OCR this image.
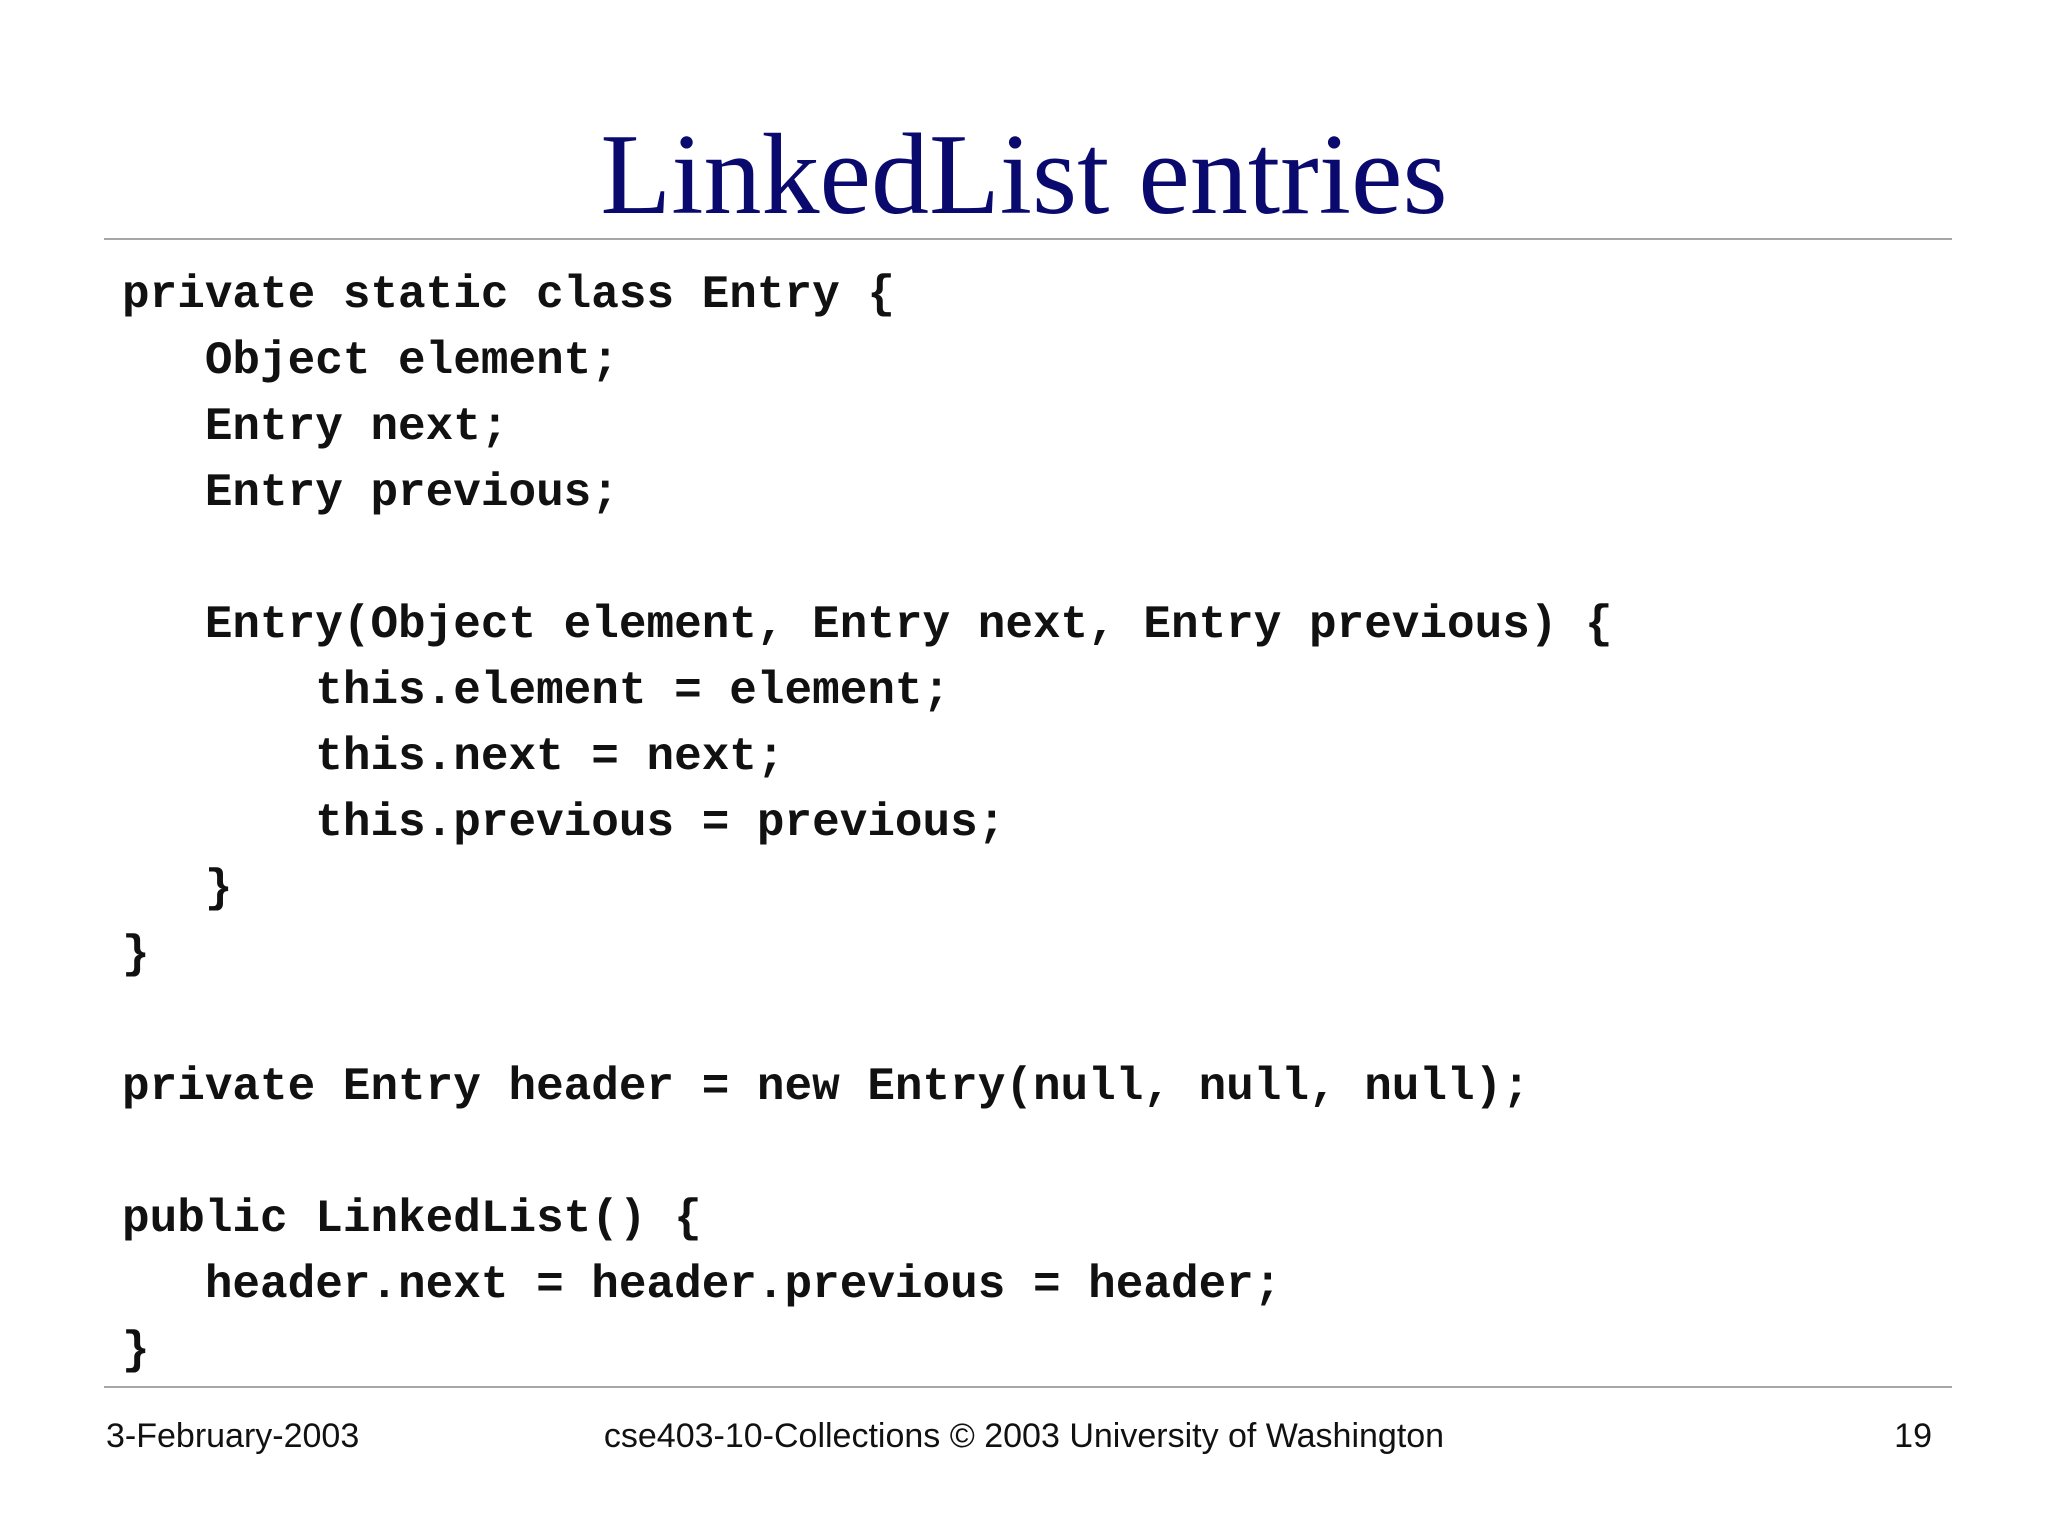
LinkedList entries
private static class Entry {
Object element;
Entry next;
Entry previous;
Entry(Object element, Entry next, Entry previous) {
this.element = element;
this.next = next;
this.previous = previous;
}
}
private Entry header = new Entry(null, null, null);
public LinkedList() {
header.next = header.previous = header;
}
3-February-2003	cse403-10-Collections © 2003 University of Washington	19
